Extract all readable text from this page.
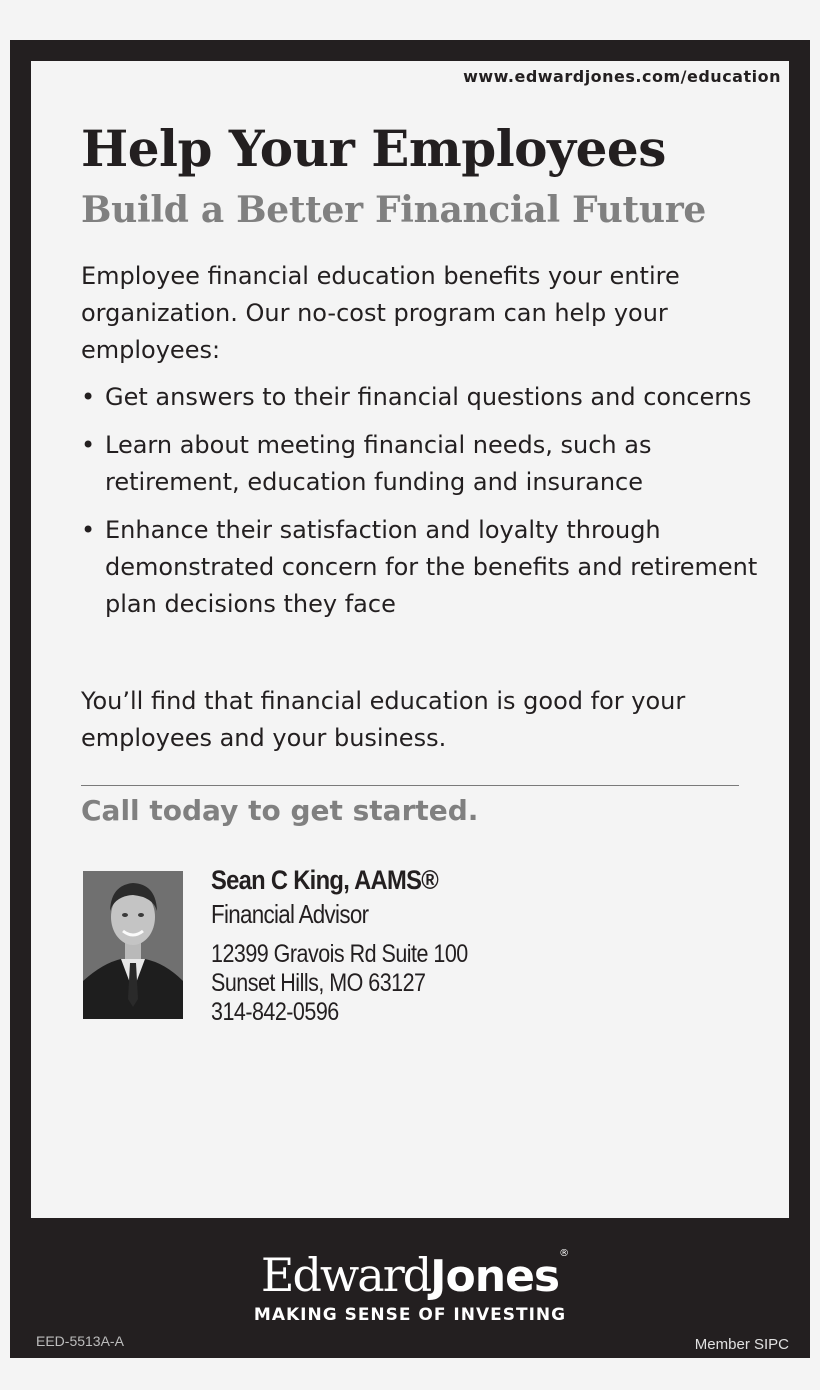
www.edwardjones.com/education
Help Your Employees
Build a Better Financial Future

Employee financial education benefits your entire organization. Our no-cost program can help your employees:

• Get answers to their financial questions and concerns
• Learn about meeting financial needs, such as retirement, education funding and insurance
• Enhance their satisfaction and loyalty through demonstrated concern for the benefits and retirement plan decisions they face

You’ll find that financial education is good for your employees and your business.

Call today to get started.

Sean C King, AAMS®
Financial Advisor
12399 Gravois Rd Suite 100
Sunset Hills, MO 63127
314-842-0596
EdwardJones ®
MAKING SENSE OF INVESTING
EED-5513A-A	Member SIPC
